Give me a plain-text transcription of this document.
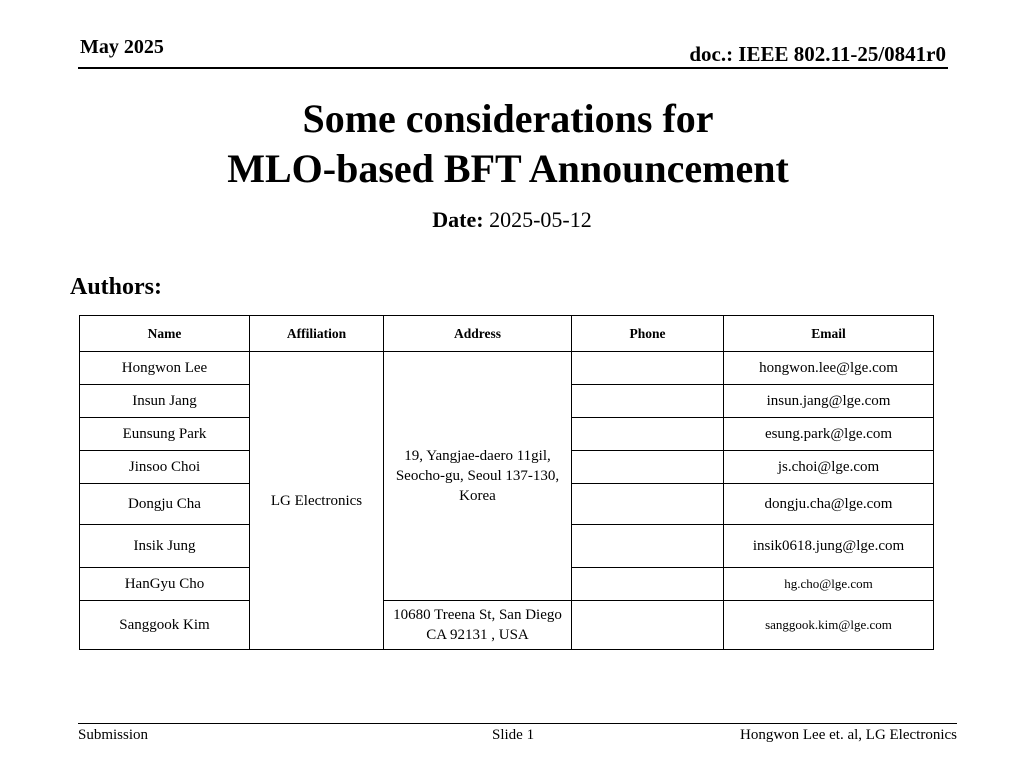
May 2025	doc.: IEEE 802.11-25/0841r0
Some considerations for
MLO-based BFT Announcement
Date: 2025-05-12
Authors:
Name	Affiliation	Address	Phone	Email
Hongwon Lee	LG Electronics	19, Yangjae-daero 11gil, Seocho-gu, Seoul 137-130, Korea		hongwon.lee@lge.com
Insun Jang				insun.jang@lge.com
Eunsung Park				esung.park@lge.com
Jinsoo Choi				js.choi@lge.com
Dongju Cha				dongju.cha@lge.com
Insik Jung				insik0618.jung@lge.com
HanGyu Cho				hg.cho@lge.com
Sanggook Kim		10680 Treena St, San Diego CA 92131 , USA		sanggook.kim@lge.com
Submission	Slide 1	Hongwon Lee et. al, LG Electronics
